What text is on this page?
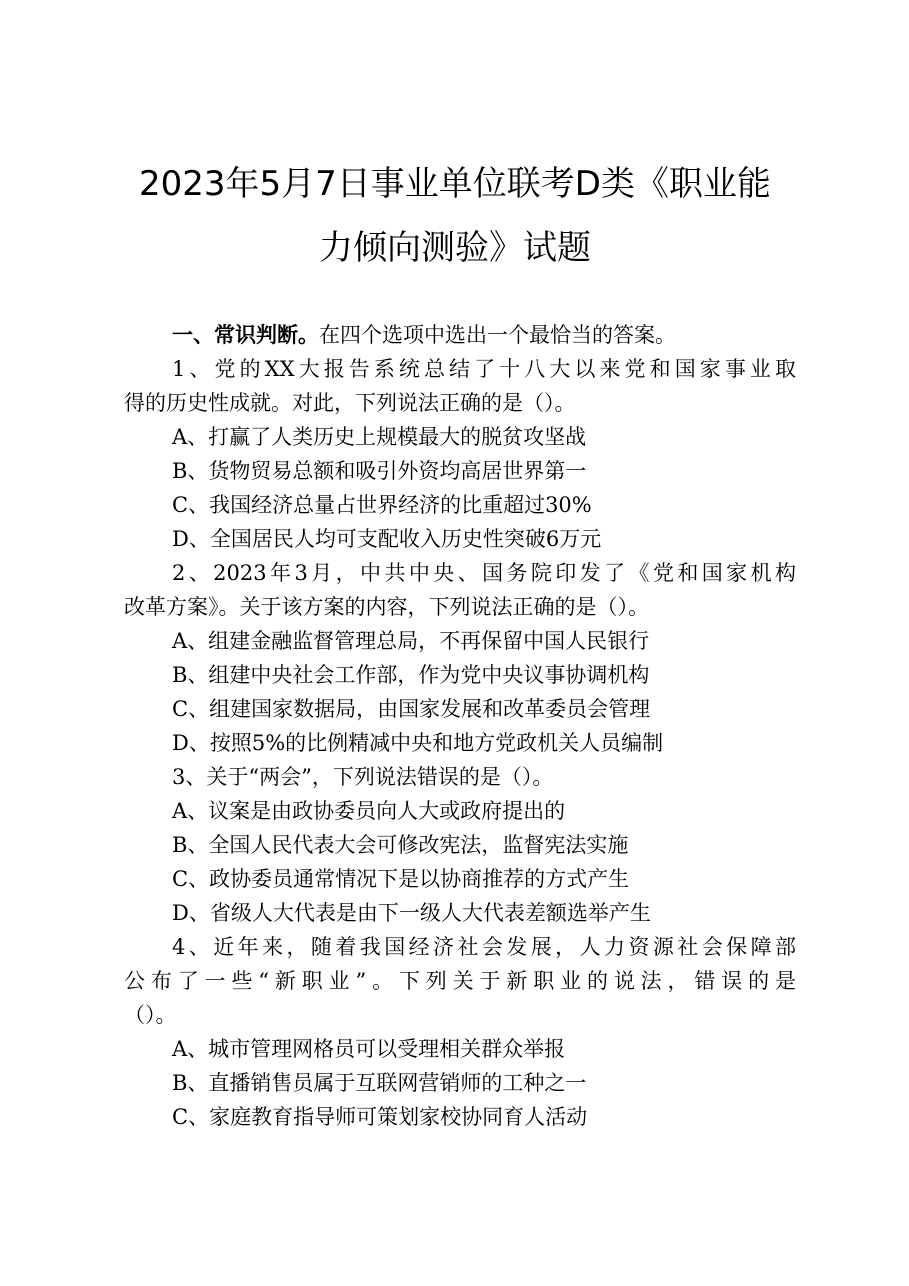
2023年5月7日事业单位联考D类《职业能
力倾向测验》试题
一、常识判断。在四个选项中选出一个最恰当的答案。
1、党的XX大报告系统总结了十八大以来党和国家事业取
得的历史性成就。对此，下列说法正确的是（）。
A、打赢了人类历史上规模最大的脱贫攻坚战
B、货物贸易总额和吸引外资均高居世界第一
C、我国经济总量占世界经济的比重超过30%
D、全国居民人均可支配收入历史性突破6万元
2、2023年3月，中共中央、国务院印发了《党和国家机构
改革方案》。关于该方案的内容，下列说法正确的是（）。
A、组建金融监督管理总局，不再保留中国人民银行
B、组建中央社会工作部，作为党中央议事协调机构
C、组建国家数据局，由国家发展和改革委员会管理
D、按照5%的比例精减中央和地方党政机关人员编制
3、关于“两会”，下列说法错误的是（）。
A、议案是由政协委员向人大或政府提出的
B、全国人民代表大会可修改宪法，监督宪法实施
C、政协委员通常情况下是以协商推荐的方式产生
D、省级人大代表是由下一级人大代表差额选举产生
4、近年来，随着我国经济社会发展，人力资源社会保障部
公布了一些“新职业”。下列关于新职业的说法，错误的是
（）。
A、城市管理网格员可以受理相关群众举报
B、直播销售员属于互联网营销师的工种之一
C、家庭教育指导师可策划家校协同育人活动
